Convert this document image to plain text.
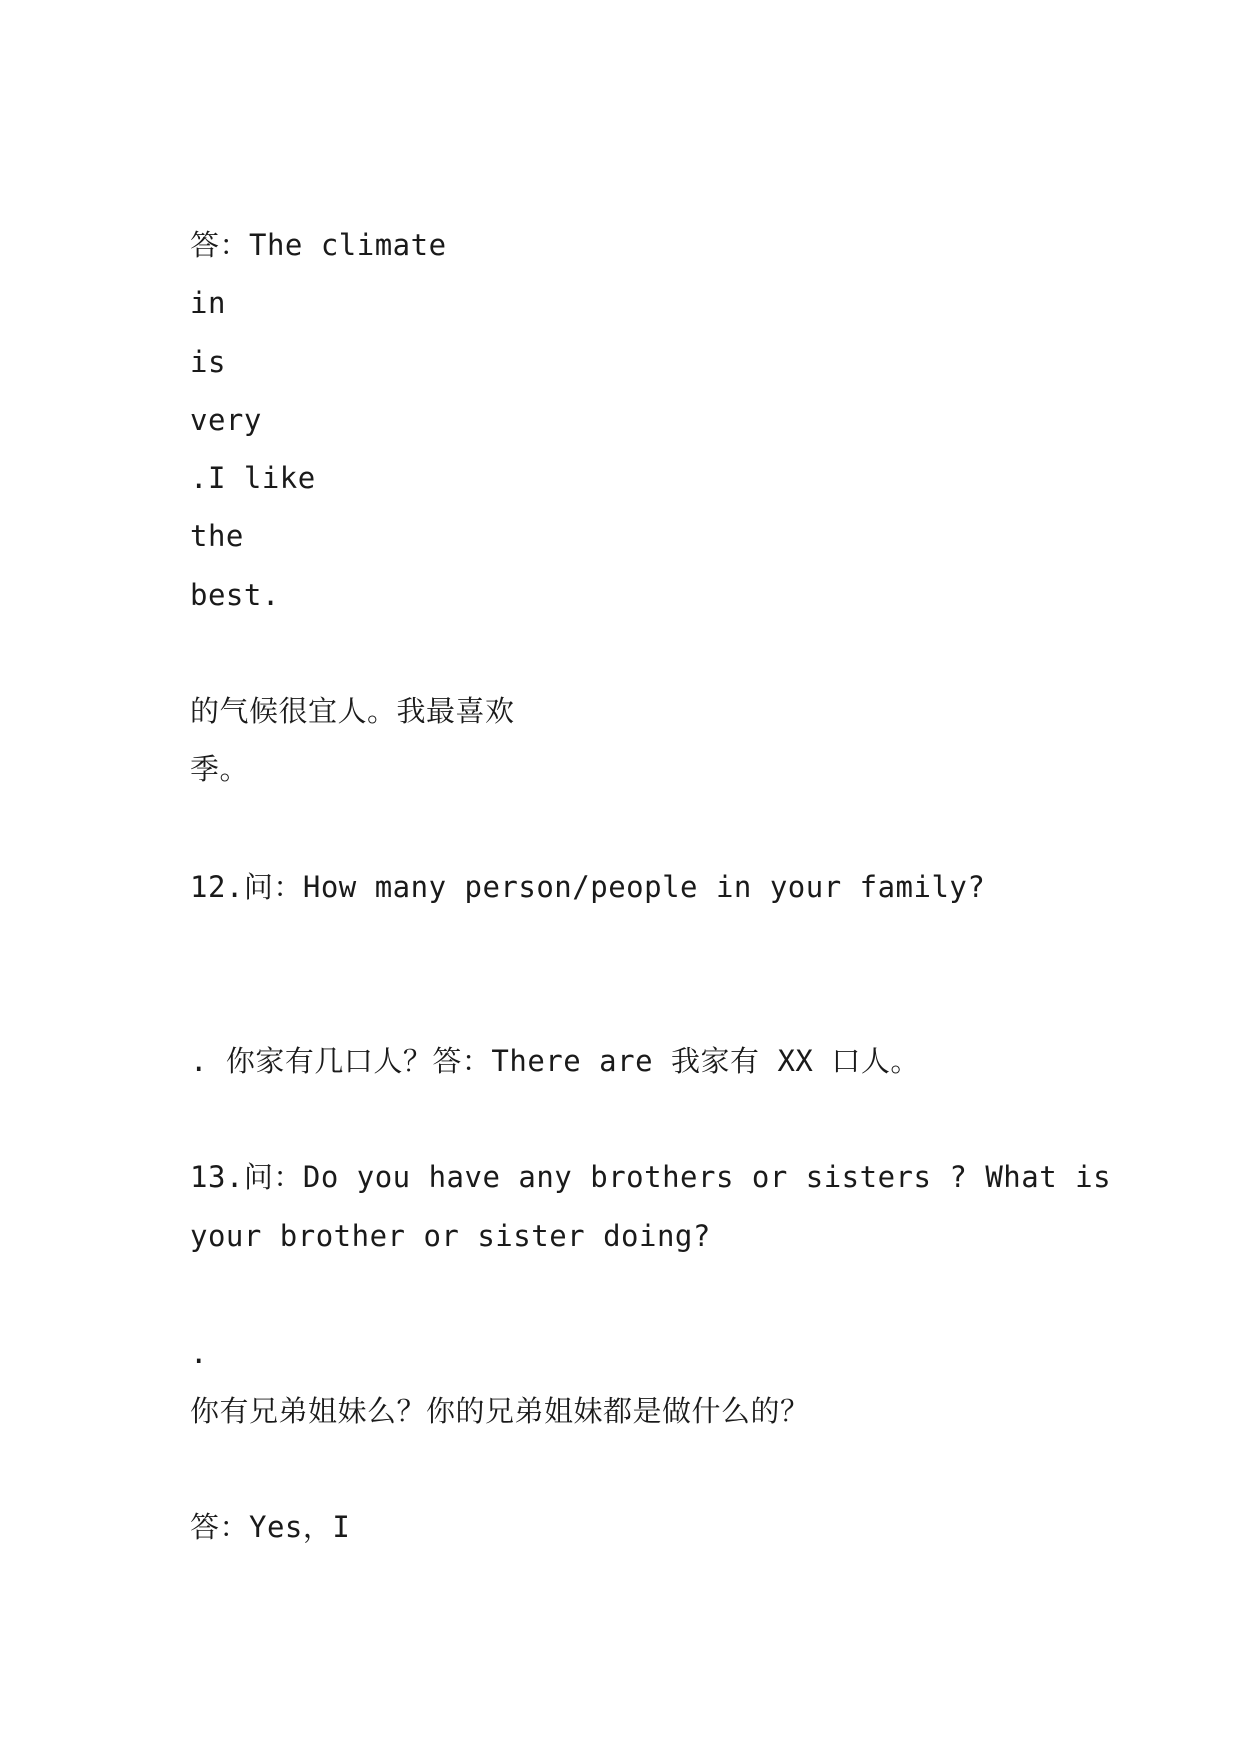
答：The climate
in
is
very
.I like
the
best.
的气候很宜人。我最喜欢
季。
12.问：How many person/people in your family?
. 你家有几口人？答：There are 我家有 XX 口人。
13.问：Do you have any brothers or sisters ? What is
your brother or sister doing?
.
你有兄弟姐妹么？你的兄弟姐妹都是做什么的？
答：Yes，I
